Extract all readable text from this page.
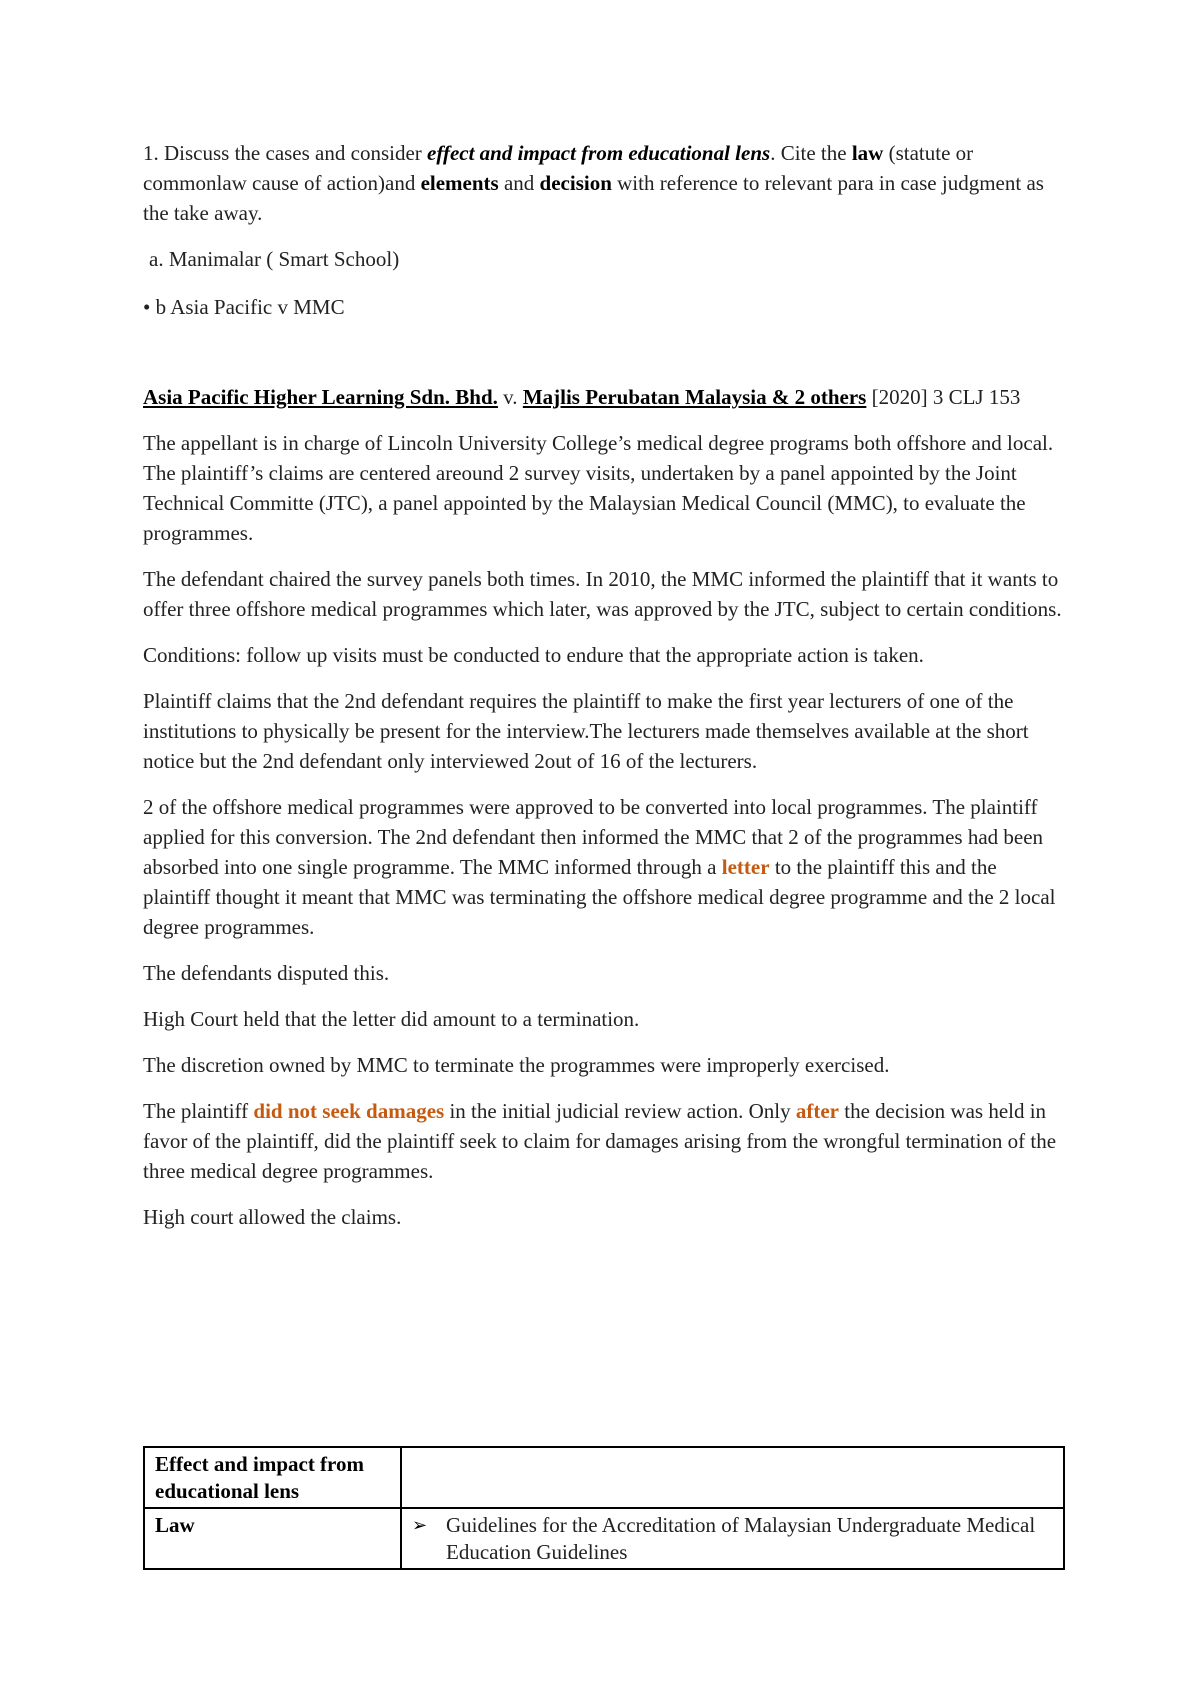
1. Discuss the cases and consider effect and impact from educational lens. Cite the law (statute or commonlaw cause of action)and elements and decision with reference to relevant para in case judgment as the take away.

a. Manimalar ( Smart School)

• b Asia Pacific v MMC

Asia Pacific Higher Learning Sdn. Bhd. v. Majlis Perubatan Malaysia & 2 others [2020] 3 CLJ 153

The appellant is in charge of Lincoln University College’s medical degree programs both offshore and local. The plaintiff’s claims are centered areound 2 survey visits, undertaken by a panel appointed by the Joint Technical Committe (JTC), a panel appointed by the Malaysian Medical Council (MMC), to evaluate the programmes.

The defendant chaired the survey panels both times. In 2010, the MMC informed the plaintiff that it wants to offer three offshore medical programmes which later, was approved by the JTC, subject to certain conditions.

Conditions: follow up visits must be conducted to endure that the appropriate action is taken.

Plaintiff claims that the 2nd defendant requires the plaintiff to make the first year lecturers of one of the institutions to physically be present for the interview.The lecturers made themselves available at the short notice but the 2nd defendant only interviewed 2out of 16 of the lecturers.

2 of the offshore medical programmes were approved to be converted into local programmes. The plaintiff applied for this conversion. The 2nd defendant then informed the MMC that 2 of the programmes had been absorbed into one single programme. The MMC informed through a letter to the plaintiff this and the plaintiff thought it meant that MMC was terminating the offshore medical degree programme and the 2 local degree programmes.

The defendants disputed this.

High Court held that the letter did amount to a termination.

The discretion owned by MMC to terminate the programmes were improperly exercised.

The plaintiff did not seek damages in the initial judicial review action. Only after the decision was held in favor of the plaintiff, did the plaintiff seek to claim for damages arising from the wrongful termination of the three medical degree programmes.

High court allowed the claims.

Effect and impact from educational lens	
Law	➢ Guidelines for the Accreditation of Malaysian Undergraduate Medical Education Guidelines
